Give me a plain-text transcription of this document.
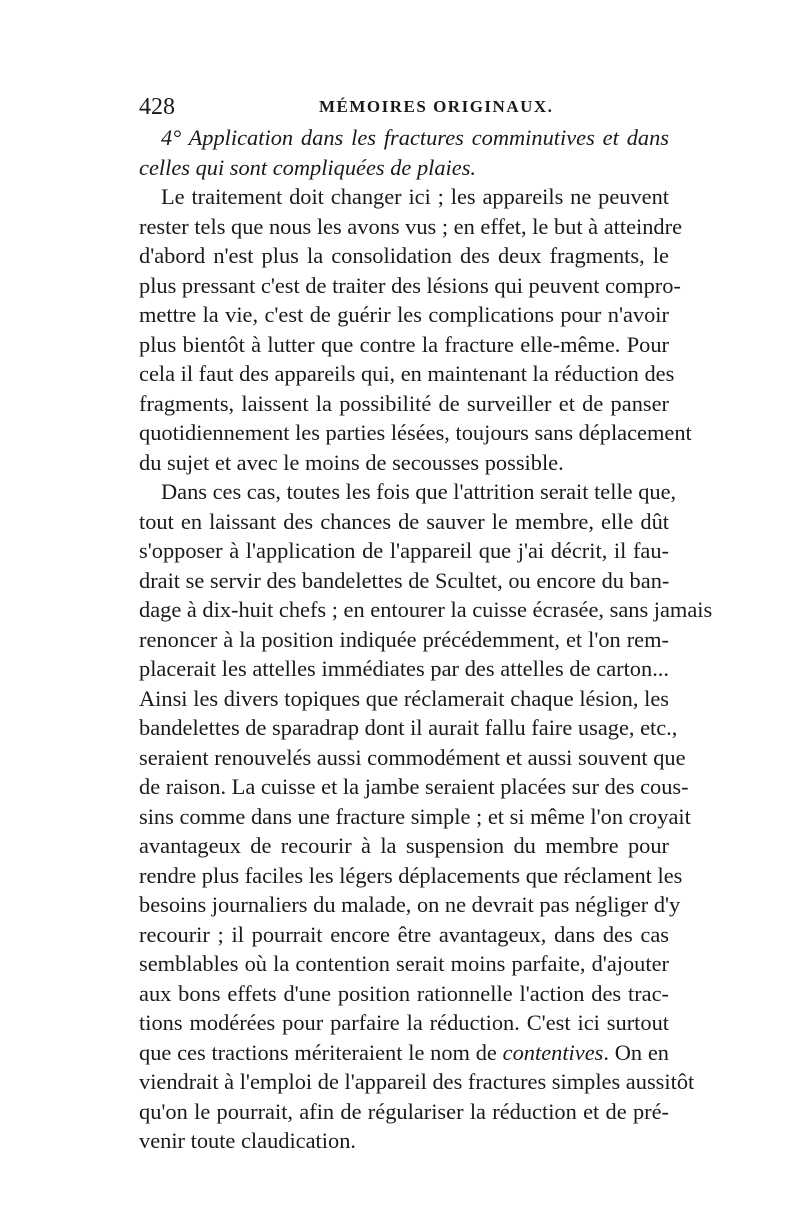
428	MÉMOIRES ORIGINAUX.
4° Application dans les fractures comminutives et dans
celles qui sont compliquées de plaies.
Le traitement doit changer ici ; les appareils ne peuvent
rester tels que nous les avons vus ; en effet, le but à atteindre
d'abord n'est plus la consolidation des deux fragments, le
plus pressant c'est de traiter des lésions qui peuvent compro-
mettre la vie, c'est de guérir les complications pour n'avoir
plus bientôt à lutter que contre la fracture elle-même. Pour
cela il faut des appareils qui, en maintenant la réduction des
fragments, laissent la possibilité de surveiller et de panser
quotidiennement les parties lésées, toujours sans déplacement
du sujet et avec le moins de secousses possible.
Dans ces cas, toutes les fois que l'attrition serait telle que,
tout en laissant des chances de sauver le membre, elle dût
s'opposer à l'application de l'appareil que j'ai décrit, il fau-
drait se servir des bandelettes de Scultet, ou encore du ban-
dage à dix-huit chefs ; en entourer la cuisse écrasée, sans jamais
renoncer à la position indiquée précédemment, et l'on rem-
placerait les attelles immédiates par des attelles de carton...
Ainsi les divers topiques que réclamerait chaque lésion, les
bandelettes de sparadrap dont il aurait fallu faire usage, etc.,
seraient renouvelés aussi commodément et aussi souvent que
de raison. La cuisse et la jambe seraient placées sur des cous-
sins comme dans une fracture simple ; et si même l'on croyait
avantageux de recourir à la suspension du membre pour
rendre plus faciles les légers déplacements que réclament les
besoins journaliers du malade, on ne devrait pas négliger d'y
recourir ; il pourrait encore être avantageux, dans des cas
semblables où la contention serait moins parfaite, d'ajouter
aux bons effets d'une position rationnelle l'action des trac-
tions modérées pour parfaire la réduction. C'est ici surtout
que ces tractions mériteraient le nom de contentives. On en
viendrait à l'emploi de l'appareil des fractures simples aussitôt
qu'on le pourrait, afin de régulariser la réduction et de pré-
venir toute claudication.
